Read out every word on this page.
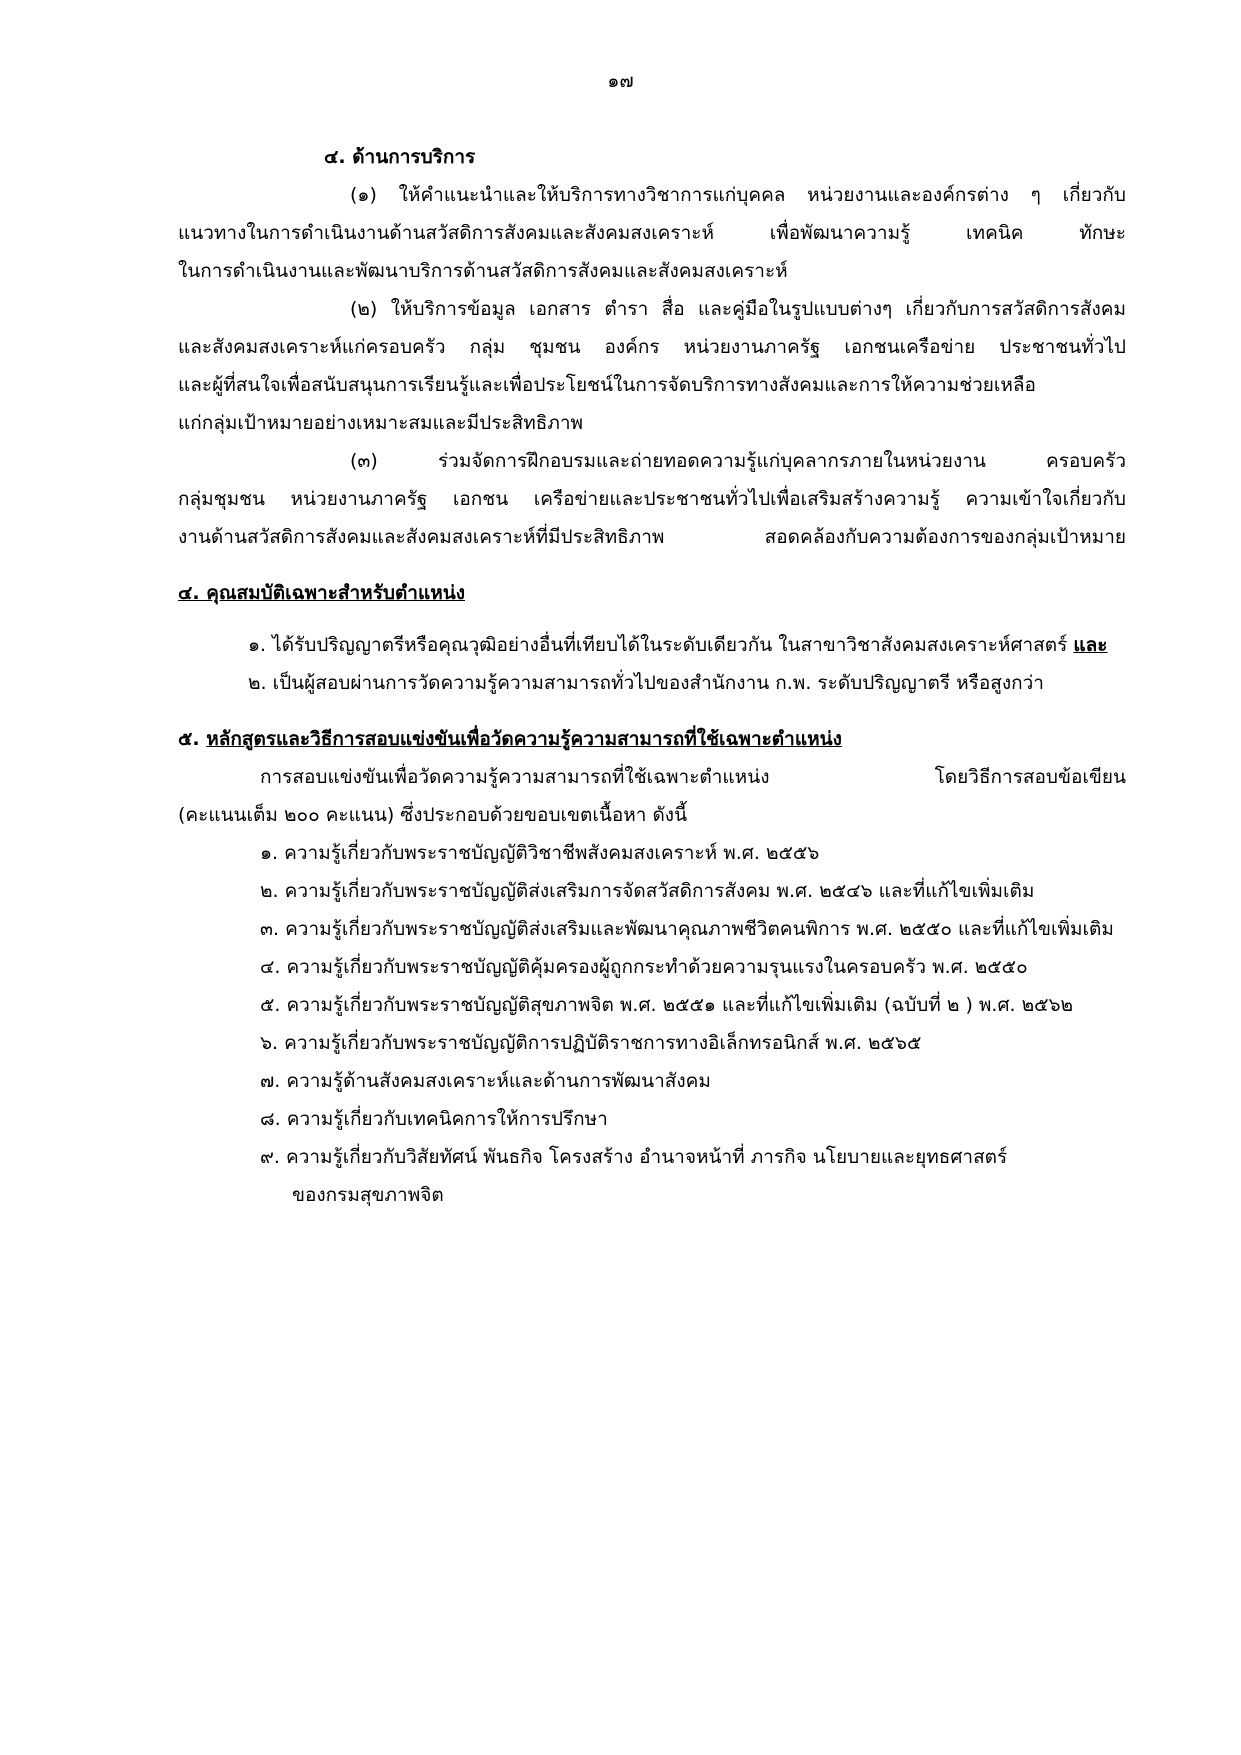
๑๗
๔. ด้านการบริการ
(๑) ให้คำแนะนำและให้บริการทางวิชาการแก่บุคคล หน่วยงานและองค์กรต่าง ๆ เกี่ยวกับ
แนวทางในการดำเนินงานด้านสวัสดิการสังคมและสังคมสงเคราะห์ เพื่อพัฒนาความรู้ เทคนิค ทักษะ
ในการดำเนินงานและพัฒนาบริการด้านสวัสดิการสังคมและสังคมสงเคราะห์
(๒) ให้บริการข้อมูล เอกสาร ตำรา สื่อ และคู่มือในรูปแบบต่างๆ เกี่ยวกับการสวัสดิการสังคม
และสังคมสงเคราะห์แก่ครอบครัว กลุ่ม ชุมชน องค์กร หน่วยงานภาครัฐ เอกชนเครือข่าย ประชาชนทั่วไป
และผู้ที่สนใจเพื่อสนับสนุนการเรียนรู้และเพื่อประโยชน์ในการจัดบริการทางสังคมและการให้ความช่วยเหลือ
แก่กลุ่มเป้าหมายอย่างเหมาะสมและมีประสิทธิภาพ
(๓) ร่วมจัดการฝึกอบรมและถ่ายทอดความรู้แก่บุคลากรภายในหน่วยงาน ครอบครัว
กลุ่มชุมชน หน่วยงานภาครัฐ เอกชน เครือข่ายและประชาชนทั่วไปเพื่อเสริมสร้างความรู้ ความเข้าใจเกี่ยวกับ
งานด้านสวัสดิการสังคมและสังคมสงเคราะห์ที่มีประสิทธิภาพ สอดคล้องกับความต้องการของกลุ่มเป้าหมาย
๔. คุณสมบัติเฉพาะสำหรับตำแหน่ง
๑. ได้รับปริญญาตรีหรือคุณวุฒิอย่างอื่นที่เทียบได้ในระดับเดียวกัน ในสาขาวิชาสังคมสงเคราะห์ศาสตร์ และ
๒. เป็นผู้สอบผ่านการวัดความรู้ความสามารถทั่วไปของสำนักงาน ก.พ. ระดับปริญญาตรี หรือสูงกว่า
๕. หลักสูตรและวิธีการสอบแข่งขันเพื่อวัดความรู้ความสามารถที่ใช้เฉพาะตำแหน่ง
การสอบแข่งขันเพื่อวัดความรู้ความสามารถที่ใช้เฉพาะตำแหน่ง โดยวิธีการสอบข้อเขียน
(คะแนนเต็ม ๒๐๐ คะแนน) ซึ่งประกอบด้วยขอบเขตเนื้อหา ดังนี้
๑. ความรู้เกี่ยวกับพระราชบัญญัติวิชาชีพสังคมสงเคราะห์ พ.ศ. ๒๕๕๖
๒. ความรู้เกี่ยวกับพระราชบัญญัติส่งเสริมการจัดสวัสดิการสังคม พ.ศ. ๒๕๔๖ และที่แก้ไขเพิ่มเติม
๓. ความรู้เกี่ยวกับพระราชบัญญัติส่งเสริมและพัฒนาคุณภาพชีวิตคนพิการ พ.ศ. ๒๕๕๐ และที่แก้ไขเพิ่มเติม
๔. ความรู้เกี่ยวกับพระราชบัญญัติคุ้มครองผู้ถูกกระทำด้วยความรุนแรงในครอบครัว พ.ศ. ๒๕๕๐
๕. ความรู้เกี่ยวกับพระราชบัญญัติสุขภาพจิต พ.ศ. ๒๕๕๑ และที่แก้ไขเพิ่มเติม (ฉบับที่ ๒ ) พ.ศ. ๒๕๖๒
๖. ความรู้เกี่ยวกับพระราชบัญญัติการปฏิบัติราชการทางอิเล็กทรอนิกส์ พ.ศ. ๒๕๖๕
๗. ความรู้ด้านสังคมสงเคราะห์และด้านการพัฒนาสังคม
๘. ความรู้เกี่ยวกับเทคนิคการให้การปรึกษา
๙. ความรู้เกี่ยวกับวิสัยทัศน์ พันธกิจ โครงสร้าง อำนาจหน้าที่ ภารกิจ นโยบายและยุทธศาสตร์
ของกรมสุขภาพจิต
